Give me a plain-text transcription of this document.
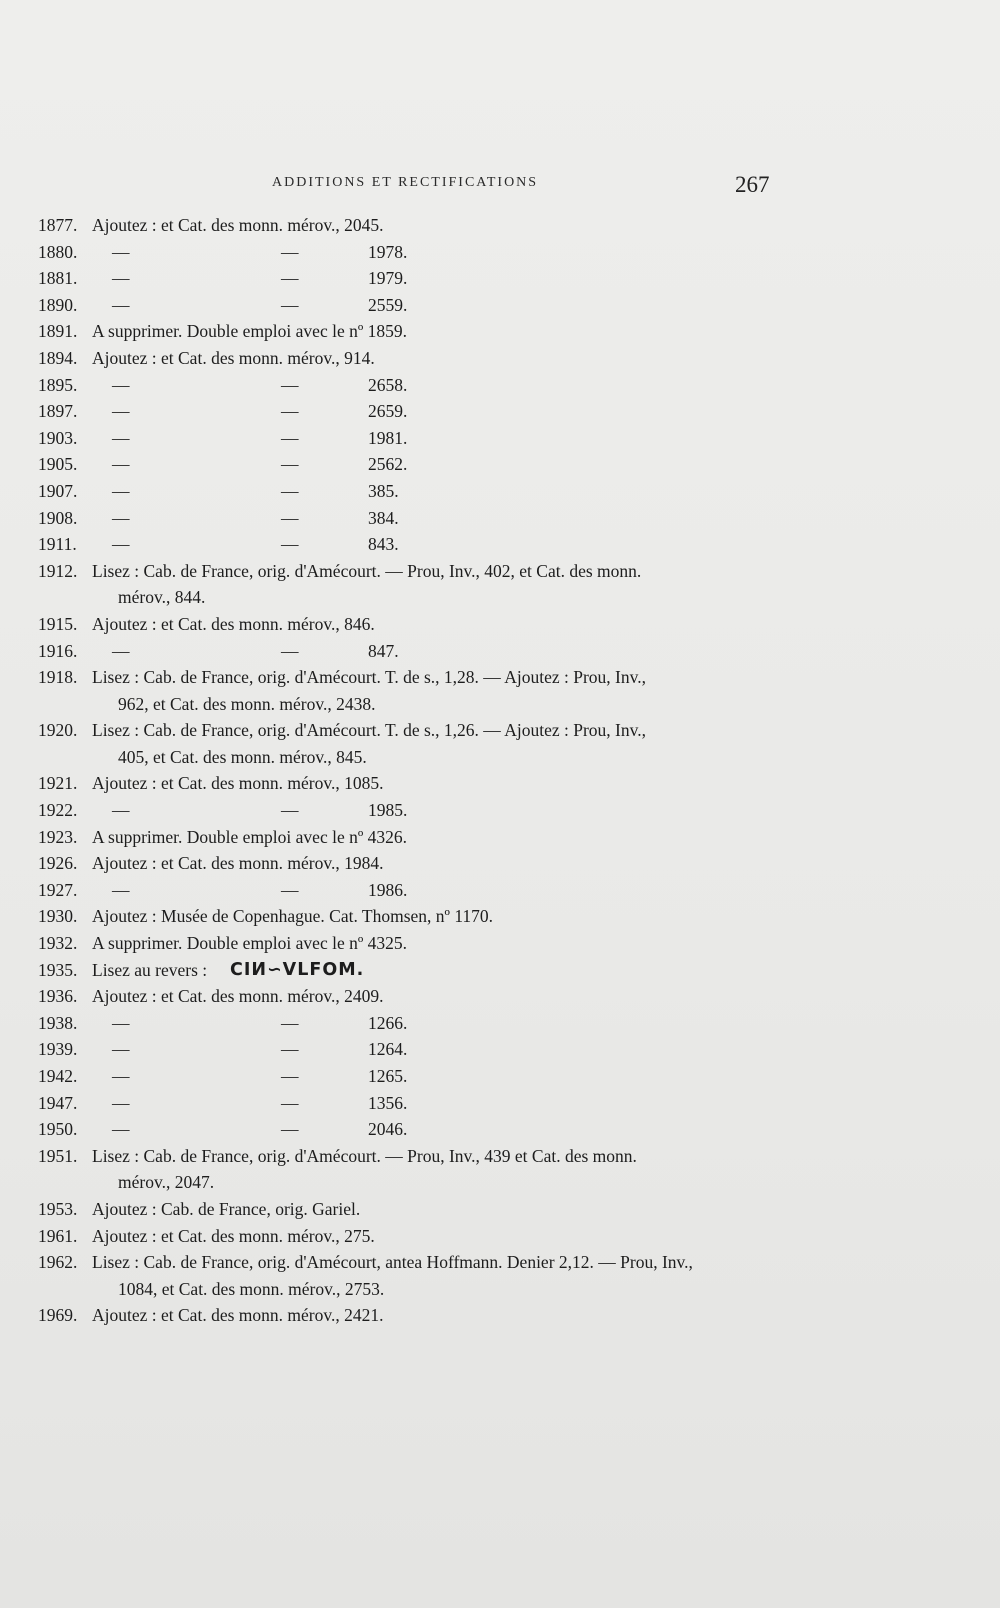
ADDITIONS ET RECTIFICATIONS	267
1877. Ajoutez : et Cat. des monn. mérov., 2045.
1880. —	—	1978.
1881. —	—	1979.
1890. —	—	2559.
1891. A supprimer. Double emploi avec le nº 1859.
1894. Ajoutez : et Cat. des monn. mérov., 914.
1895. —	—	2658.
1897. —	—	2659.
1903. —	—	1981.
1905. —	—	2562.
1907. —	—	385.
1908. —	—	384.
1911. —	—	843.
1912. Lisez : Cab. de France, orig. d'Amécourt. — Prou, Inv., 402, et Cat. des monn.
mérov., 844.
1915. Ajoutez : et Cat. des monn. mérov., 846.
1916. —	—	847.
1918. Lisez : Cab. de France, orig. d'Amécourt. T. de s., 1,28. — Ajoutez : Prou, Inv.,
962, et Cat. des monn. mérov., 2438.
1920. Lisez : Cab. de France, orig. d'Amécourt. T. de s., 1,26. — Ajoutez : Prou, Inv.,
405, et Cat. des monn. mérov., 845.
1921. Ajoutez : et Cat. des monn. mérov., 1085.
1922. —	—	1985.
1923. A supprimer. Double emploi avec le nº 4326.
1926. Ajoutez : et Cat. des monn. mérov., 1984.
1927. —	—	1986.
1930. Ajoutez : Musée de Copenhague. Cat. Thomsen, nº 1170.
1932. A supprimer. Double emploi avec le nº 4325.
1935. Lisez au revers : CIИ∽VLFOM.
1936. Ajoutez : et Cat. des monn. mérov., 2409.
1938. —	—	1266.
1939. —	—	1264.
1942. —	—	1265.
1947. —	—	1356.
1950. —	—	2046.
1951. Lisez : Cab. de France, orig. d'Amécourt. — Prou, Inv., 439 et Cat. des monn.
mérov., 2047.
1953. Ajoutez : Cab. de France, orig. Gariel.
1961. Ajoutez : et Cat. des monn. mérov., 275.
1962. Lisez : Cab. de France, orig. d'Amécourt, antea Hoffmann. Denier 2,12. — Prou, Inv.,
1084, et Cat. des monn. mérov., 2753.
1969. Ajoutez : et Cat. des monn. mérov., 2421.
